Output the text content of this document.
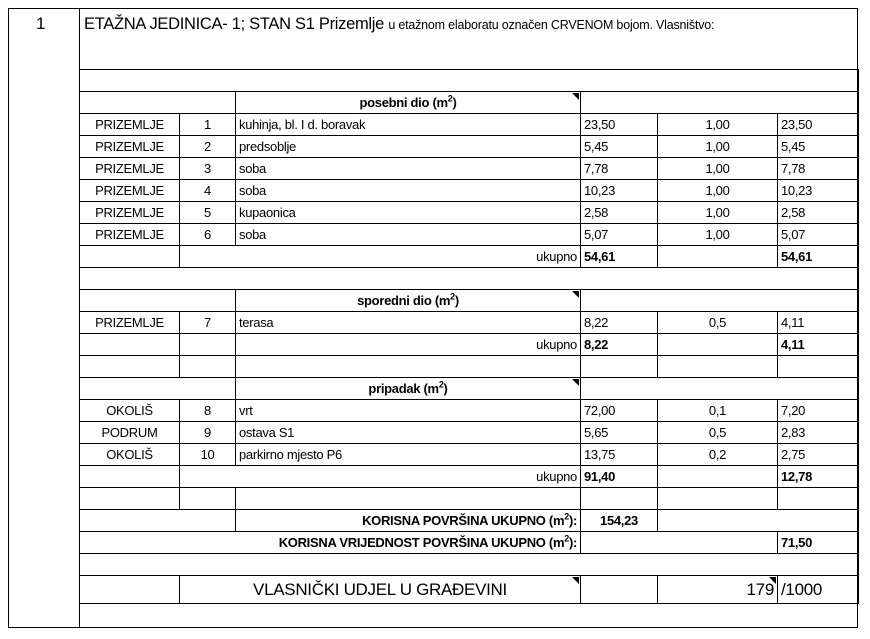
1 ETAŽNA JEDINICA- 1; STAN S1 Prizemlje u etažnom elaboratu označen CRVENOM bojom. Vlasništvo:

		posebni dio $(m^2)$			
PRIZEMLJE	1	kuhinja, bl. I d. boravak	23,50	1,00	23,50
PRIZEMLJE	2	predsoblje	5,45	1,00	5,45
PRIZEMLJE	3	soba	7,78	1,00	7,78
PRIZEMLJE	4	soba	10,23	1,00	10,23
PRIZEMLJE	5	kupaonica	2,58	1,00	2,58
PRIZEMLJE	6	soba	5,07	1,00	5,07
	ukupno		54,61		54,61

		sporedni dio $(m^2)$			
PRIZEMLJE	7	terasa	8,22	0,5	4,11
		ukupno	8,22		4,11

		pripadak $(m^2)$			
OKOLIŠ	8	vrt	72,00	0,1	7,20
PODRUM	9	ostava S1	5,65	0,5	2,83
OKOLIŠ	10	parkirno mjesto P6	13,75	0,2	2,75
	ukupno		91,40		12,78

		KORISNA POVRŠINA UKUPNO $(m^2)$:	154,23		
KORISNA VRIJEDNOST POVRŠINA UKUPNO $(m^2)$:					71,50

	VLASNIČKI UDJEL U GRAĐEVINI			179	/1000
